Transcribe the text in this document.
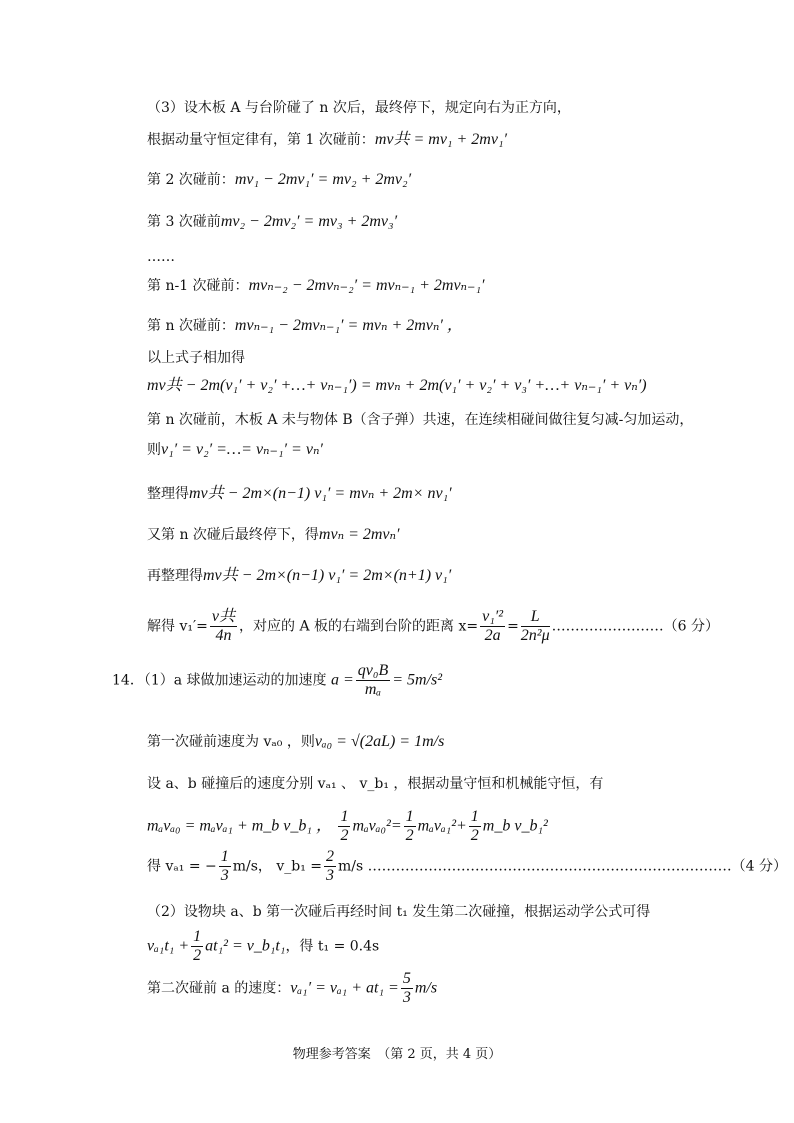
（3）设木板 A 与台阶碰了 n 次后，最终停下，规定向右为正方向，
根据动量守恒定律有，第 1 次碰前：mv共 = mv₁ + 2mv₁′
第 2 次碰前：mv₁ − 2mv₁′ = mv₂ + 2mv₂′
第 3 次碰前mv₂ − 2mv₂′ = mv₃ + 2mv₃′
……
第 n-1 次碰前：mvₙ₋₂ − 2mvₙ₋₂′ = mvₙ₋₁ + 2mvₙ₋₁′
第 n 次碰前：mvₙ₋₁ − 2mvₙ₋₁′ = mvₙ + 2mvₙ′ ，
以上式子相加得
mv共 − 2m(v₁′ + v₂′ +…+ vₙ₋₁′) = mvₙ + 2m(v₁′ + v₂′ + v₃′ +…+ vₙ₋₁′ + vₙ′)
第 n 次碰前，木板 A 未与物体 B（含子弹）共速，在连续相碰间做往复匀减-匀加运动，
则v₁′ = v₂′ =…= vₙ₋₁′ = vₙ′
整理得mv共 − 2m×(n−1) v₁′ = mvₙ + 2m× nv₁′
又第 n 次碰后最终停下，得mvₙ = 2mvₙ′
再整理得mv共 − 2m×(n−1) v₁′ = 2m×(n+1) v₁′
解得 v₁′=
v共
4n
，对应的 A 板的右端到台阶的距离 $x= \frac{\text{v₁′²}}{2a} = \frac{L}{\text{2n²μ}}$ ……………………（6 分）
14．（1）a 球做加速运动的加速度 $a = \frac{\text{qv₀B}}{\text{mₐ}} = 5m/s^2$
第一次碰前速度为 vₐ₀ ，则vₐ₀ = √(2aL) = 1m/s
设 a、b 碰撞后的速度分别 vₐ₁ 、 v_b₁ ，根据动量守恒和机械能守恒，有
mₐvₐ₀ = mₐvₐ₁ + m_b v_b₁ ， $\frac{1}{2} m_av_{a0}^2= \frac{1}{2} m_av_{a1}^2+ \frac{1}{2}$ m_b v_b₁²
得 vₐ₁ = − $\frac{1}{3} m/s$， v_b₁ = $\frac{2}{3} m/s$ ……………………………………………………………………（4 分）
（2）设物块 a、b 第一次碰后再经时间 t₁ 发生第二次碰撞，根据运动学公式可得
$v_{a1}t_1 + \frac{1}{2} at_1^2$ = v_b₁t₁，得 t₁ = 0.4s
第二次碰前 a 的速度：$v_{a1}' = v_{a1} + at_1 = \frac{5}{3} m/s$
物理参考答案　（第 2 页，共 4 页）
